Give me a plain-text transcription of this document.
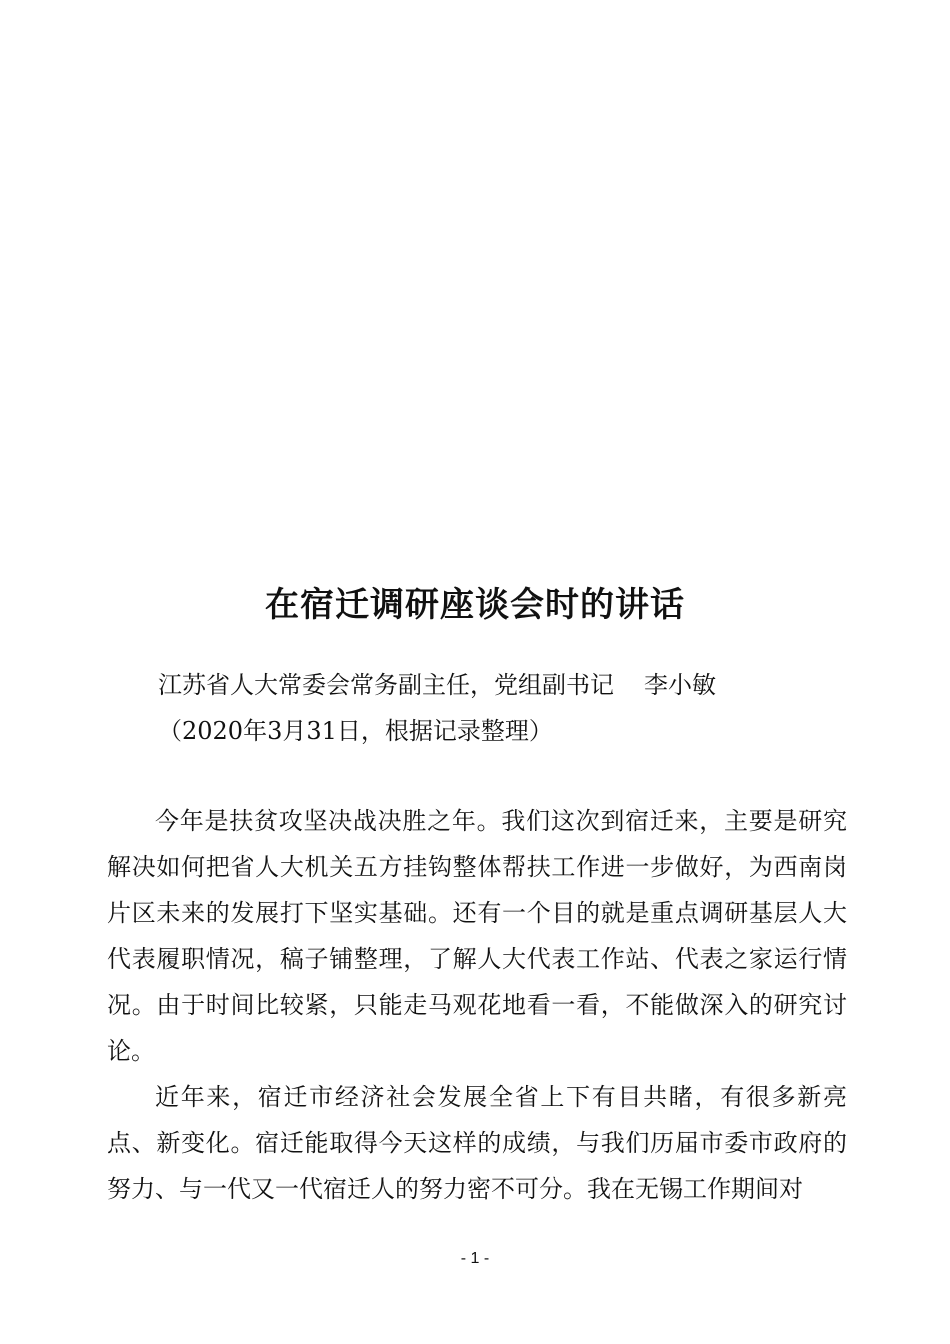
在宿迁调研座谈会时的讲话
江苏省人大常委会常务副主任，党组副书记 李小敏
（2020年3月31日，根据记录整理）

今年是扶贫攻坚决战决胜之年。我们这次到宿迁来，主要是研究解决如何把省人大机关五方挂钩整体帮扶工作进一步做好，为西南岗片区未来的发展打下坚实基础。还有一个目的就是重点调研基层人大代表履职情况，稿子铺整理，了解人大代表工作站、代表之家运行情况。由于时间比较紧，只能走马观花地看一看，不能做深入的研究讨论。

近年来，宿迁市经济社会发展全省上下有目共睹，有很多新亮点、新变化。宿迁能取得今天这样的成绩，与我们历届市委市政府的努力、与一代又一代宿迁人的努力密不可分。我在无锡工作期间对

- 1 -
